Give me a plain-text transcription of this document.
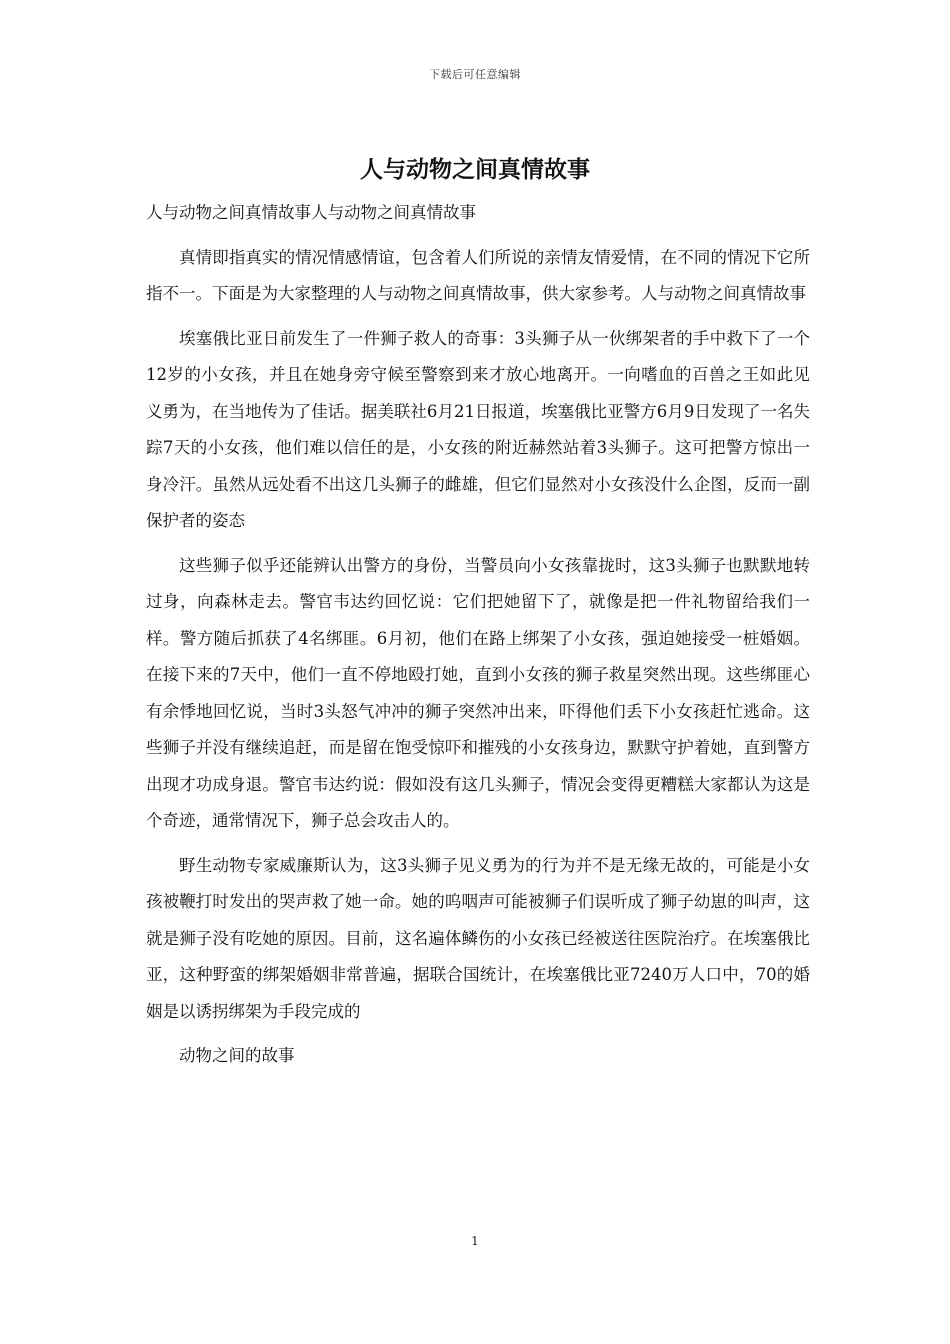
下载后可任意编辑
人与动物之间真情故事

人与动物之间真情故事人与动物之间真情故事

真情即指真实的情况情感情谊，包含着人们所说的亲情友情爱情，在不同的情况下它所指不一。下面是为大家整理的人与动物之间真情故事，供大家参考。人与动物之间真情故事

埃塞俄比亚日前发生了一件狮子救人的奇事：3头狮子从一伙绑架者的手中救下了一个12岁的小女孩，并且在她身旁守候至警察到来才放心地离开。一向嗜血的百兽之王如此见义勇为，在当地传为了佳话。据美联社6月21日报道，埃塞俄比亚警方6月9日发现了一名失踪7天的小女孩，他们难以信任的是，小女孩的附近赫然站着3头狮子。这可把警方惊出一身冷汗。虽然从远处看不出这几头狮子的雌雄，但它们显然对小女孩没什么企图，反而一副保护者的姿态

这些狮子似乎还能辨认出警方的身份，当警员向小女孩靠拢时，这3头狮子也默默地转过身，向森林走去。警官韦达约回忆说：它们把她留下了，就像是把一件礼物留给我们一样。警方随后抓获了4名绑匪。6月初，他们在路上绑架了小女孩，强迫她接受一桩婚姻。在接下来的7天中，他们一直不停地殴打她，直到小女孩的狮子救星突然出现。这些绑匪心有余悸地回忆说，当时3头怒气冲冲的狮子突然冲出来，吓得他们丢下小女孩赶忙逃命。这些狮子并没有继续追赶，而是留在饱受惊吓和摧残的小女孩身边，默默守护着她，直到警方出现才功成身退。警官韦达约说：假如没有这几头狮子，情况会变得更糟糕大家都认为这是个奇迹，通常情况下，狮子总会攻击人的。

野生动物专家威廉斯认为，这3头狮子见义勇为的行为并不是无缘无故的，可能是小女孩被鞭打时发出的哭声救了她一命。她的呜咽声可能被狮子们误听成了狮子幼崽的叫声，这就是狮子没有吃她的原因。目前，这名遍体鳞伤的小女孩已经被送往医院治疗。在埃塞俄比亚，这种野蛮的绑架婚姻非常普遍，据联合国统计，在埃塞俄比亚7240万人口中，70的婚姻是以诱拐绑架为手段完成的

动物之间的故事

1
